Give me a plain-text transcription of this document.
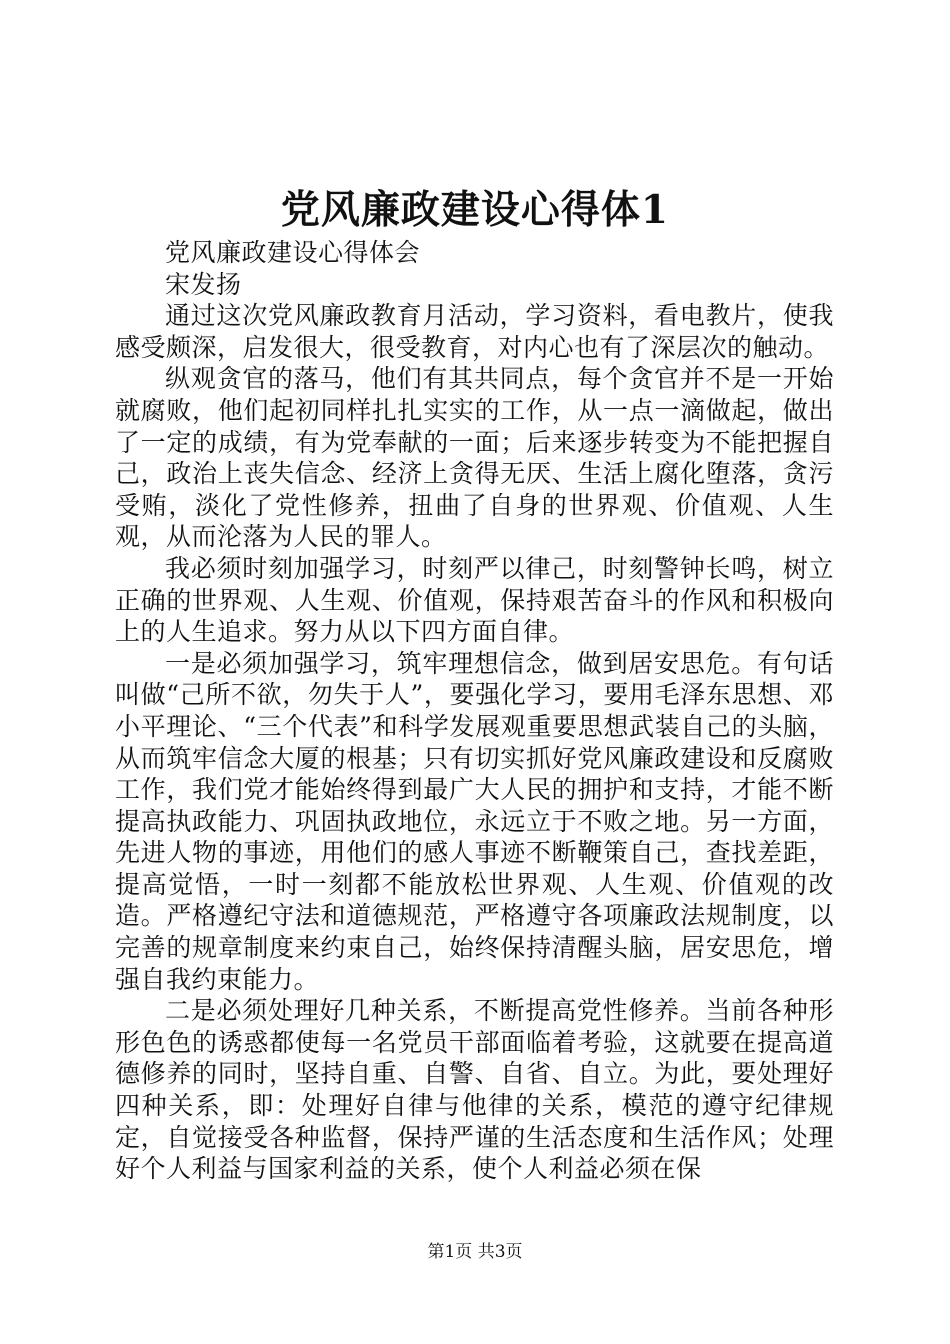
党风廉政建设心得体1

党风廉政建设心得体会

宋发扬

通过这次党风廉政教育月活动，学习资料，看电教片，使我感受颇深，启发很大，很受教育，对内心也有了深层次的触动。

纵观贪官的落马，他们有其共同点，每个贪官并不是一开始就腐败，他们起初同样扎扎实实的工作，从一点一滴做起，做出了一定的成绩，有为党奉献的一面；后来逐步转变为不能把握自己，政治上丧失信念、经济上贪得无厌、生活上腐化堕落，贪污受贿，淡化了党性修养，扭曲了自身的世界观、价值观、人生观，从而沦落为人民的罪人。

我必须时刻加强学习，时刻严以律己，时刻警钟长鸣，树立正确的世界观、人生观、价值观，保持艰苦奋斗的作风和积极向上的人生追求。努力从以下四方面自律。

一是必须加强学习，筑牢理想信念，做到居安思危。有句话叫做“己所不欲，勿失于人”，要强化学习，要用毛泽东思想、邓小平理论、“三个代表”和科学发展观重要思想武装自己的头脑，从而筑牢信念大厦的根基；只有切实抓好党风廉政建设和反腐败工作，我们党才能始终得到最广大人民的拥护和支持，才能不断提高执政能力、巩固执政地位，永远立于不败之地。另一方面，先进人物的事迹，用他们的感人事迹不断鞭策自己，查找差距，提高觉悟，一时一刻都不能放松世界观、人生观、价值观的改造。严格遵纪守法和道德规范，严格遵守各项廉政法规制度，以完善的规章制度来约束自己，始终保持清醒头脑，居安思危，增强自我约束能力。

二是必须处理好几种关系，不断提高党性修养。当前各种形形色色的诱惑都使每一名党员干部面临着考验，这就要在提高道德修养的同时，坚持自重、自警、自省、自立。为此，要处理好四种关系，即：处理好自律与他律的关系，模范的遵守纪律规定，自觉接受各种监督，保持严谨的生活态度和生活作风；处理好个人利益与国家利益的关系，使个人利益必须在保

第1页 共3页
